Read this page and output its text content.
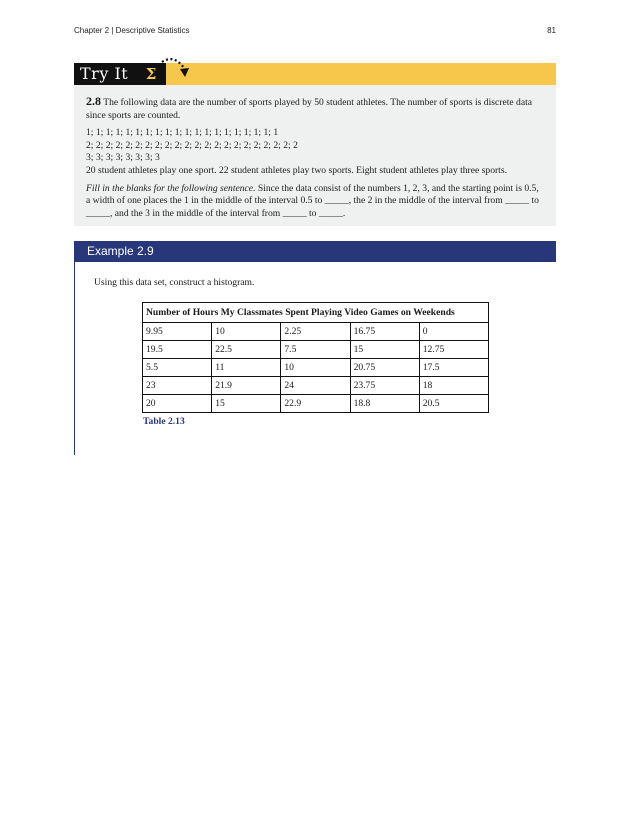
Chapter 2 | Descriptive Statistics	81
Try It	Σ

2.8 The following data are the number of sports played by 50 student athletes. The number of sports is discrete data since sports are counted.

1; 1; 1; 1; 1; 1; 1; 1; 1; 1; 1; 1; 1; 1; 1; 1; 1; 1; 1; 1

2; 2; 2; 2; 2; 2; 2; 2; 2; 2; 2; 2; 2; 2; 2; 2; 2; 2; 2; 2; 2; 2

3; 3; 3; 3; 3; 3; 3; 3

20 student athletes play one sport. 22 student athletes play two sports. Eight student athletes play three sports.

Fill in the blanks for the following sentence. Since the data consist of the numbers 1, 2, 3, and the starting point is 0.5, a width of one places the 1 in the middle of the interval 0.5 to _____, the 2 in the middle of the interval from _____ to _____, and the 3 in the middle of the interval from _____ to _____.

Example 2.9
Using this data set, construct a histogram.
Number of Hours My Classmates Spent Playing Video Games on Weekends				
9.95	10	2.25	16.75	0
19.5	22.5	7.5	15	12.75
5.5	11	10	20.75	17.5
23	21.9	24	23.75	18
20	15	22.9	18.8	20.5
Table 2.13
